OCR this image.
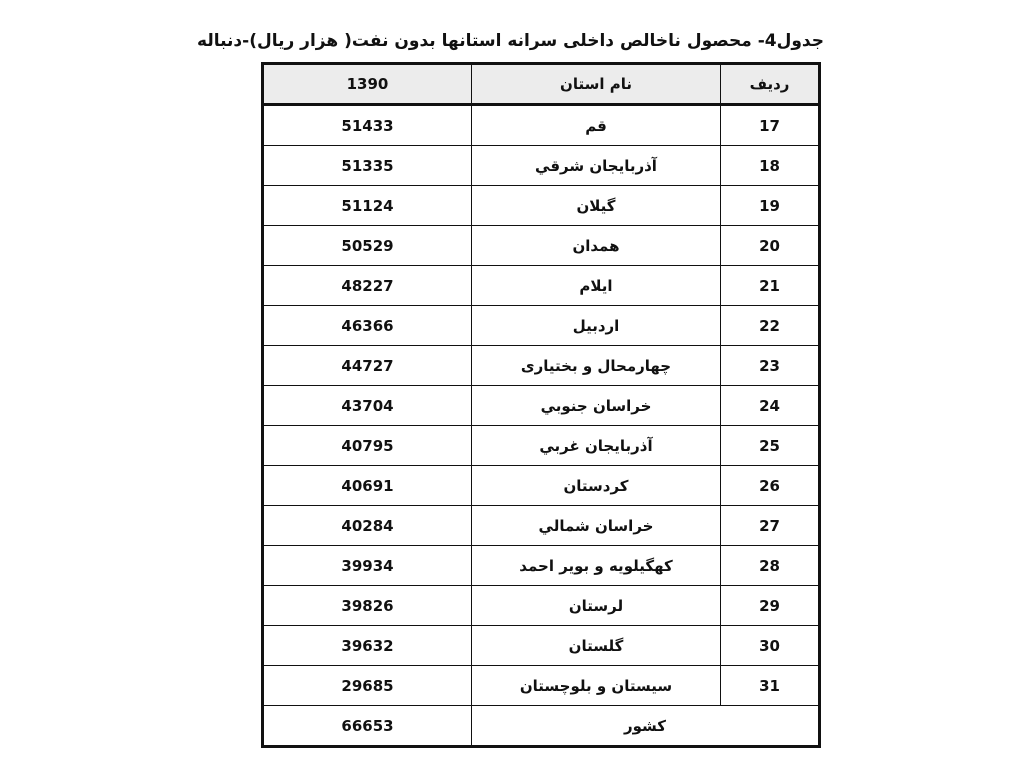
جدول4- محصول ناخالص داخلی سرانه استانها بدون نفت( هزار ریال)-دنباله
1390	نام استان	ردیف
51433	قم	17
51335	آذربايجان شرقي	18
51124	گيلان	19
50529	همدان	20
48227	ايلام	21
46366	اردبيل	22
44727	چهارمحال و بختياری	23
43704	خراسان جنوبي	24
40795	آذربايجان غربي	25
40691	كردستان	26
40284	خراسان شمالي	27
39934	كهگيلويه و بوير احمد	28
39826	لرستان	29
39632	گلستان	30
29685	سيستان و بلوچستان	31
66653	كشور	
